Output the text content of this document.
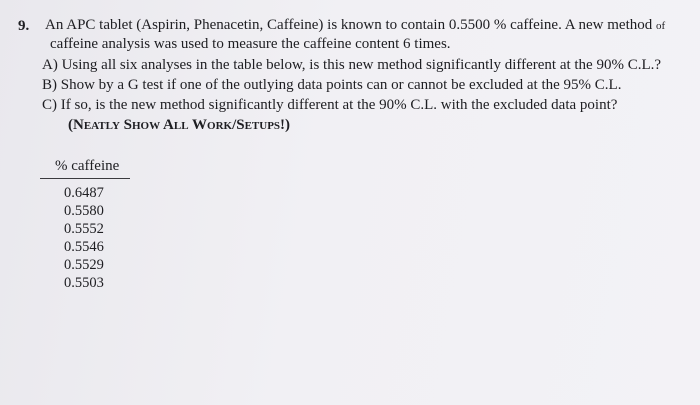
9. An APC tablet (Aspirin, Phenacetin, Caffeine) is known to contain 0.5500 % caffeine. A new method of
caffeine analysis was used to measure the caffeine content 6 times.
A) Using all six analyses in the table below, is this new method significantly different at the 90% C.L.?
B) Show by a G test if one of the outlying data points can or cannot be excluded at the 95% C.L.
C) If so, is the new method significantly different at the 90% C.L. with the excluded data point?
(Neatly Show All Work/Setups!)
% caffeine
0.6487
0.5580
0.5552
0.5546
0.5529
0.5503
